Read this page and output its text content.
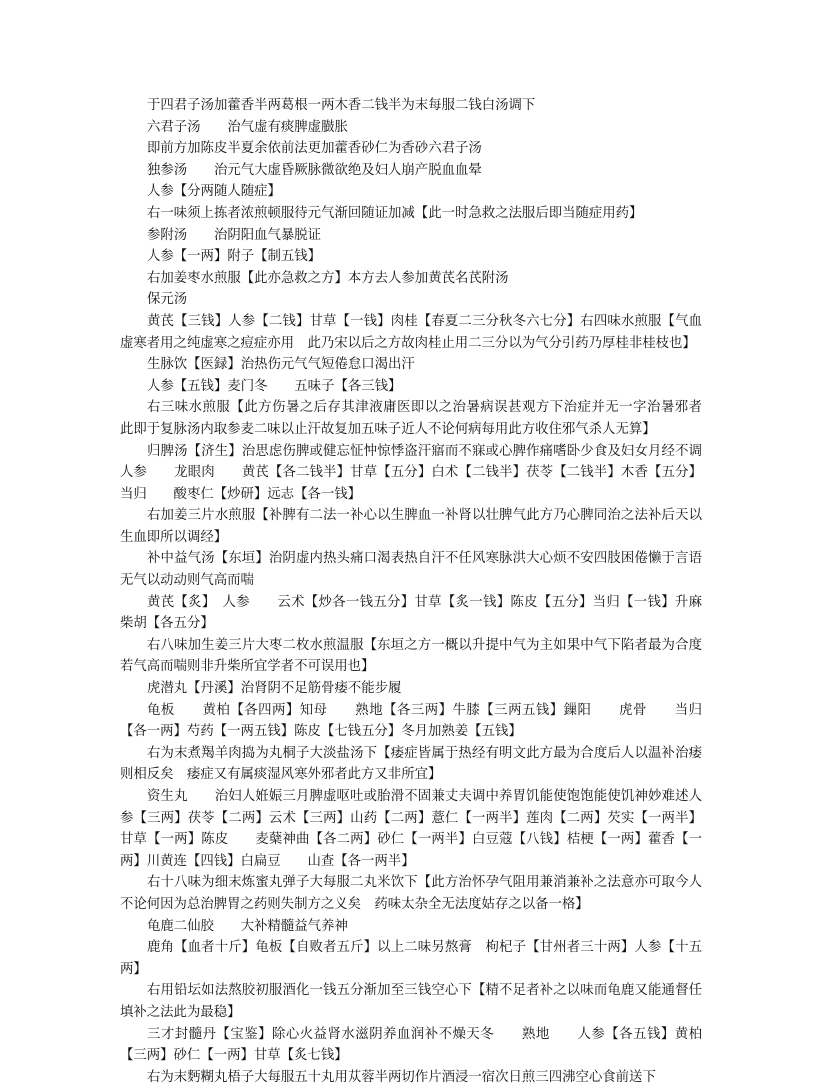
于四君子汤加藿香半两葛根一两木香二钱半为末每服二钱白汤调下

六君子汤　　治气虚有痰脾虚臌胀

即前方加陈皮半夏余依前法更加藿香砂仁为香砂六君子汤

独参汤　　治元气大虚昏厥脉微欲绝及妇人崩产脱血血晕

人参【分两随人随症】

右一味须上拣者浓煎顿服待元气渐回随证加减【此一时急救之法服后即当随症用药】

参附汤　　治阴阳血气暴脱证

人参【一两】附子【制五钱】

右加姜枣水煎服【此亦急救之方】本方去人参加黄芪名芪附汤

保元汤

黄芪【三钱】人参【二钱】甘草【一钱】肉桂【春夏二三分秋冬六七分】右四味水煎服【气血虚寒者用之纯虚寒之痘症亦用　此乃宋以后之方故肉桂止用二三分以为气分引药乃厚桂非桂枝也】

生脉饮【医録】治热伤元气气短倦怠口渴出汗

人参【五钱】麦门冬　　五味子【各三钱】

右三味水煎服【此方伤暑之后存其津液庸医即以之治暑病误甚观方下治症并无一字治暑邪者　此即于复脉汤内取参麦二味以止汗故复加五味子近人不论何病每用此方收住邪气杀人无算】

归脾汤【济生】治思虑伤脾或健忘怔忡惊悸盗汗寤而不寐或心脾作痛嗜卧少食及妇女月经不调人参　　龙眼肉　　黄芪【各二钱半】甘草【五分】白术【二钱半】茯苓【二钱半】木香【五分】当归　　酸枣仁【炒研】远志【各一钱】

右加姜三片水煎服【补脾有二法一补心以生脾血一补肾以壮脾气此方乃心脾同治之法补后天以生血即所以调经】

补中益气汤【东垣】治阴虚内热头痛口渴表热自汗不任风寒脉洪大心烦不安四肢困倦懒于言语无气以动动则气高而喘

黄芪【炙】　人参　　云术【炒各一钱五分】甘草【炙一钱】陈皮【五分】当归【一钱】升麻　　柴胡【各五分】

右八味加生姜三片大枣二枚水煎温服【东垣之方一概以升提中气为主如果中气下陷者最为合度若气高而喘则非升柴所宜学者不可误用也】

虎潜丸【丹溪】治肾阴不足筋骨痿不能步履

龟板　　黄柏【各四两】知母　　熟地【各三两】牛膝【三两五钱】鏁阳　　虎骨　　当归【各一两】芍药【一两五钱】陈皮【七钱五分】冬月加熟姜【五钱】

右为末煮羯羊肉捣为丸桐子大淡盐汤下【痿症皆属于热经有明文此方最为合度后人以温补治痿则相反矣　痿症又有属痰湿风寒外邪者此方又非所宜】

资生丸　　治妇人姙娠三月脾虚呕吐或胎滑不固兼丈夫调中养胃饥能使饱饱能使饥神妙难述人参【三两】茯苓【二两】云术【三两】山药【二两】薏仁【一两半】莲肉【二两】芡实【一两半】甘草【一两】陈皮　　麦蘖神曲【各二两】砂仁【一两半】白豆蔻【八钱】桔梗【一两】藿香【一两】川黄连【四钱】白扁豆　　山查【各一两半】

右十八味为细末炼蜜丸弹子大每服二丸米饮下【此方治怀孕气阻用兼消兼补之法意亦可取今人不论何因为总治脾胃之药则失制方之义矣　药味太杂全无法度姑存之以备一格】

龟鹿二仙胶　　大补精髓益气养神

鹿角【血者十斤】龟板【自败者五斤】以上二味另熬膏　枸杞子【甘州者三十两】人参【十五两】

右用铅坛如法熬胶初服酒化一钱五分渐加至三钱空心下【精不足者补之以味而龟鹿又能通督任填补之法此为最稳】

三才封髓丹【宝鉴】除心火益肾水滋阴养血润补不燥天冬　　熟地　　人参【各五钱】黄柏【三两】砂仁【一两】甘草【炙七钱】

右为末麪糊丸梧子大每服五十丸用苁蓉半两切作片酒浸一宿次日煎三四沸空心食前送下
